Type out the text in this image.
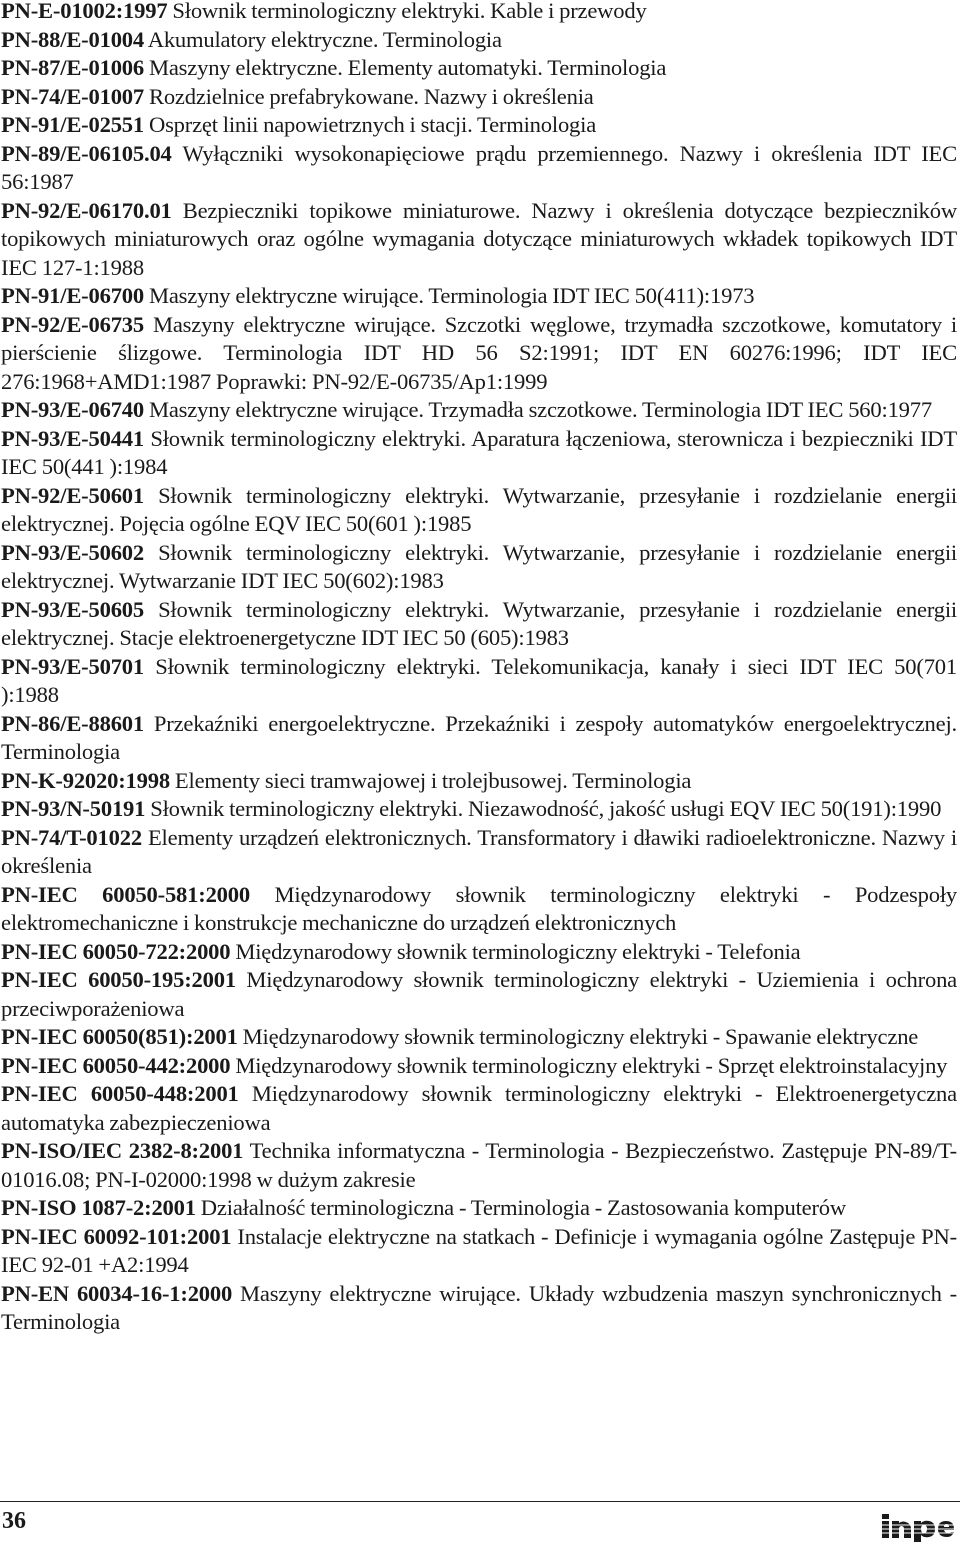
PN-E-01002:1997 Słownik terminologiczny elektryki. Kable i przewody

PN-88/E-01004 Akumulatory elektryczne. Terminologia

PN-87/E-01006 Maszyny elektryczne. Elementy automatyki. Terminologia

PN-74/E-01007 Rozdzielnice prefabrykowane. Nazwy i określenia

PN-91/E-02551 Osprzęt linii napowietrznych i stacji. Terminologia

PN-89/E-06105.04 Wyłączniki wysokonapięciowe prądu przemiennego. Nazwy i określenia IDT IEC 56:1987

PN-92/E-06170.01 Bezpieczniki topikowe miniaturowe. Nazwy i określenia dotyczące bezpieczników topikowych miniaturowych oraz ogólne wymagania dotyczące miniaturowych wkładek topikowych IDT IEC 127-1:1988

PN-91/E-06700 Maszyny elektryczne wirujące. Terminologia IDT IEC 50(411):1973

PN-92/E-06735 Maszyny elektryczne wirujące. Szczotki węglowe, trzymadła szczotkowe, komutatory i pierścienie ślizgowe. Terminologia IDT HD 56 S2:1991; IDT EN 60276:1996; IDT IEC 276:1968+AMD1:1987 Poprawki: PN-92/E-06735/Ap1:1999

PN-93/E-06740 Maszyny elektryczne wirujące. Trzymadła szczotkowe. Terminologia IDT IEC 560:1977

PN-93/E-50441 Słownik terminologiczny elektryki. Aparatura łączeniowa, sterownicza i bezpieczniki IDT IEC 50(441 ):1984

PN-92/E-50601 Słownik terminologiczny elektryki. Wytwarzanie, przesyłanie i rozdzielanie energii elektrycznej. Pojęcia ogólne EQV IEC 50(601 ):1985

PN-93/E-50602 Słownik terminologiczny elektryki. Wytwarzanie, przesyłanie i rozdzielanie energii elektrycznej. Wytwarzanie IDT IEC 50(602):1983

PN-93/E-50605 Słownik terminologiczny elektryki. Wytwarzanie, przesyłanie i rozdzielanie energii elektrycznej. Stacje elektroenergetyczne IDT IEC 50 (605):1983

PN-93/E-50701 Słownik terminologiczny elektryki. Telekomunikacja, kanały i sieci IDT IEC 50(701 ):1988

PN-86/E-88601 Przekaźniki energoelektryczne. Przekaźniki i zespoły automatyków energoelektrycznej. Terminologia

PN-K-92020:1998 Elementy sieci tramwajowej i trolejbusowej. Terminologia

PN-93/N-50191 Słownik terminologiczny elektryki. Niezawodność, jakość usługi EQV IEC 50(191):1990

PN-74/T-01022 Elementy urządzeń elektronicznych. Transformatory i dławiki radioelektroniczne. Nazwy i określenia

PN-IEC 60050-581:2000 Międzynarodowy słownik terminologiczny elektryki - Podzespoły elektromechaniczne i konstrukcje mechaniczne do urządzeń elektronicznych

PN-IEC 60050-722:2000 Międzynarodowy słownik terminologiczny elektryki - Telefonia

PN-IEC 60050-195:2001 Międzynarodowy słownik terminologiczny elektryki - Uziemienia i ochrona przeciwporażeniowa

PN-IEC 60050(851):2001 Międzynarodowy słownik terminologiczny elektryki - Spawanie elektryczne

PN-IEC 60050-442:2000 Międzynarodowy słownik terminologiczny elektryki - Sprzęt elektroinstalacyjny

PN-IEC 60050-448:2001 Międzynarodowy słownik terminologiczny elektryki - Elektroenergetyczna automatyka zabezpieczeniowa

PN-ISO/IEC 2382-8:2001 Technika informatyczna - Terminologia - Bezpieczeństwo. Zastępuje PN-89/T-01016.08; PN-I-02000:1998 w dużym zakresie

PN-ISO 1087-2:2001 Działalność terminologiczna - Terminologia - Zastosowania komputerów

PN-IEC 60092-101:2001 Instalacje elektryczne na statkach - Definicje i wymagania ogólne Zastępuje PN-IEC 92-01 +A2:1994

PN-EN 60034-16-1:2000 Maszyny elektryczne wirujące. Układy wzbudzenia maszyn synchronicznych - Terminologia

36	inpe
